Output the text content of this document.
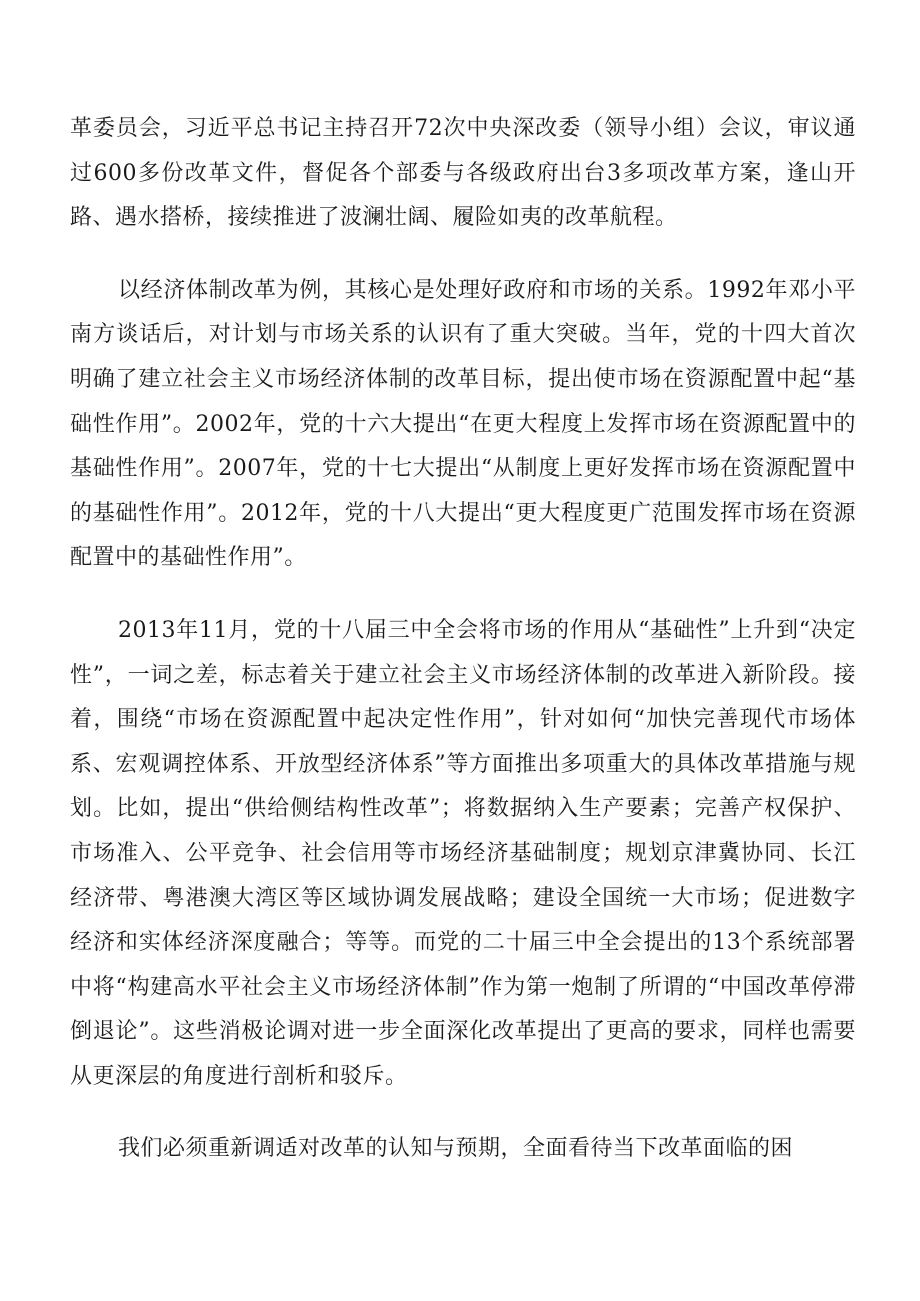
革委员会，习近平总书记主持召开72次中央深改委（领导小组）会议，审议通过600多份改革文件，督促各个部委与各级政府出台3多项改革方案，逢山开路、遇水搭桥，接续推进了波澜壮阔、履险如夷的改革航程。

以经济体制改革为例，其核心是处理好政府和市场的关系。1992年邓小平南方谈话后，对计划与市场关系的认识有了重大突破。当年，党的十四大首次明确了建立社会主义市场经济体制的改革目标，提出使市场在资源配置中起“基础性作用”。2002年，党的十六大提出“在更大程度上发挥市场在资源配置中的基础性作用”。2007年，党的十七大提出“从制度上更好发挥市场在资源配置中的基础性作用”。2012年，党的十八大提出“更大程度更广范围发挥市场在资源配置中的基础性作用”。

2013年11月，党的十八届三中全会将市场的作用从“基础性”上升到“决定性”，一词之差，标志着关于建立社会主义市场经济体制的改革进入新阶段。接着，围绕“市场在资源配置中起决定性作用”，针对如何“加快完善现代市场体系、宏观调控体系、开放型经济体系”等方面推出多项重大的具体改革措施与规划。比如，提出“供给侧结构性改革”；将数据纳入生产要素；完善产权保护、市场准入、公平竞争、社会信用等市场经济基础制度；规划京津冀协同、长江经济带、粤港澳大湾区等区域协调发展战略；建设全国统一大市场；促进数字经济和实体经济深度融合；等等。而党的二十届三中全会提出的13个系统部署中将“构建高水平社会主义市场经济体制”作为第一炮制了所谓的“中国改革停滞倒退论”。这些消极论调对进一步全面深化改革提出了更高的要求，同样也需要从更深层的角度进行剖析和驳斥。

我们必须重新调适对改革的认知与预期，全面看待当下改革面临的困
